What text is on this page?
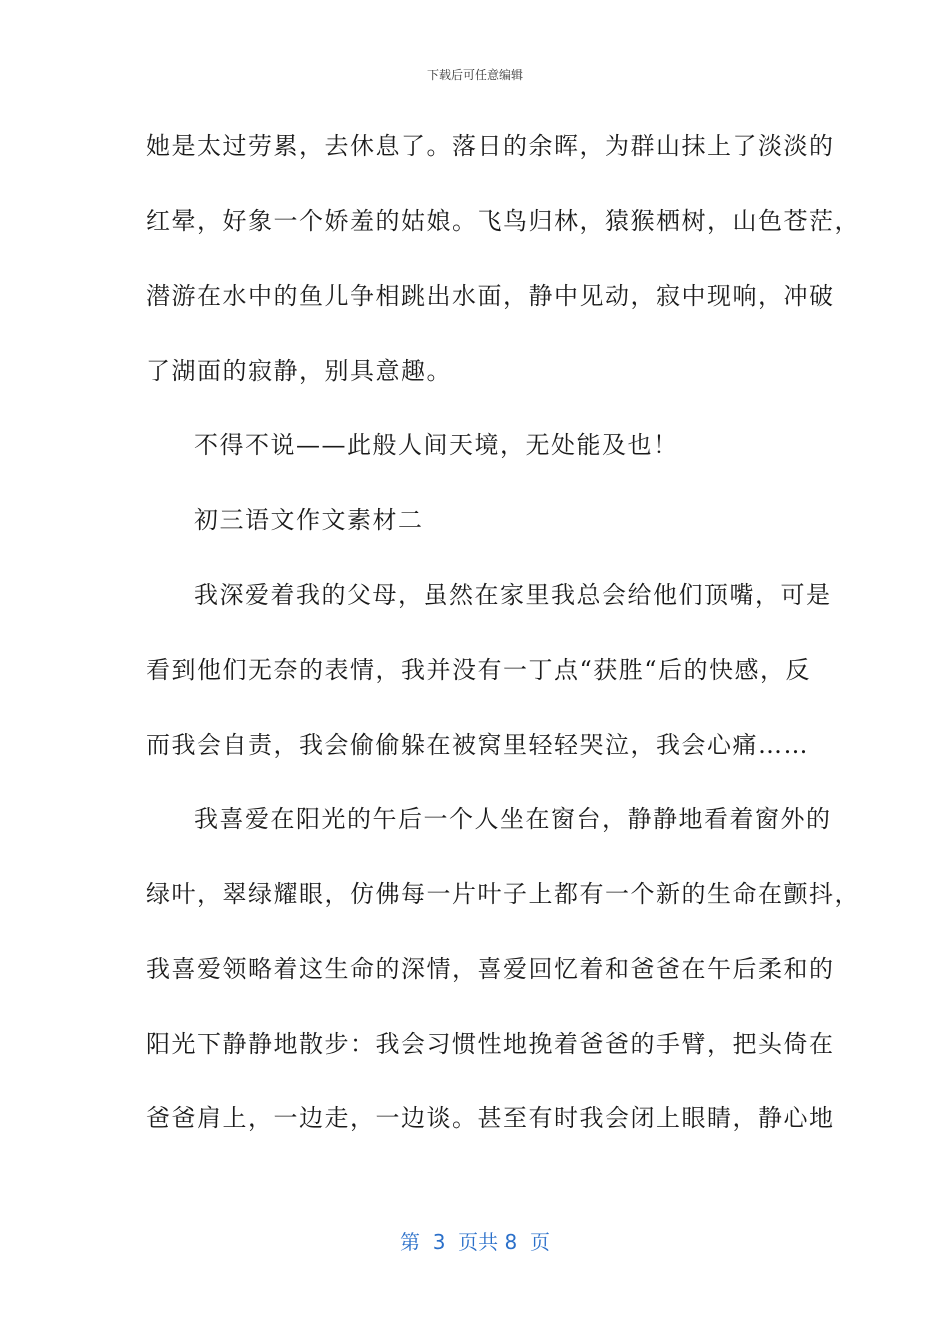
下载后可任意编辑
她是太过劳累，去休息了。落日的余晖，为群山抹上了淡淡的
红晕，好象一个娇羞的姑娘。飞鸟归林，猿猴栖树，山色苍茫，
潜游在水中的鱼儿争相跳出水面，静中见动，寂中现响，冲破
了湖面的寂静，别具意趣。
不得不说——此般人间天境，无处能及也！
初三语文作文素材二
我深爱着我的父母，虽然在家里我总会给他们顶嘴，可是
看到他们无奈的表情，我并没有一丁点“获胜“后的快感，反
而我会自责，我会偷偷躲在被窝里轻轻哭泣，我会心痛……
我喜爱在阳光的午后一个人坐在窗台，静静地看着窗外的
绿叶，翠绿耀眼，仿佛每一片叶子上都有一个新的生命在颤抖，
我喜爱领略着这生命的深情，喜爱回忆着和爸爸在午后柔和的
阳光下静静地散步：我会习惯性地挽着爸爸的手臂，把头倚在
爸爸肩上，一边走，一边谈。甚至有时我会闭上眼睛，静心地
第  3  页共 8  页
